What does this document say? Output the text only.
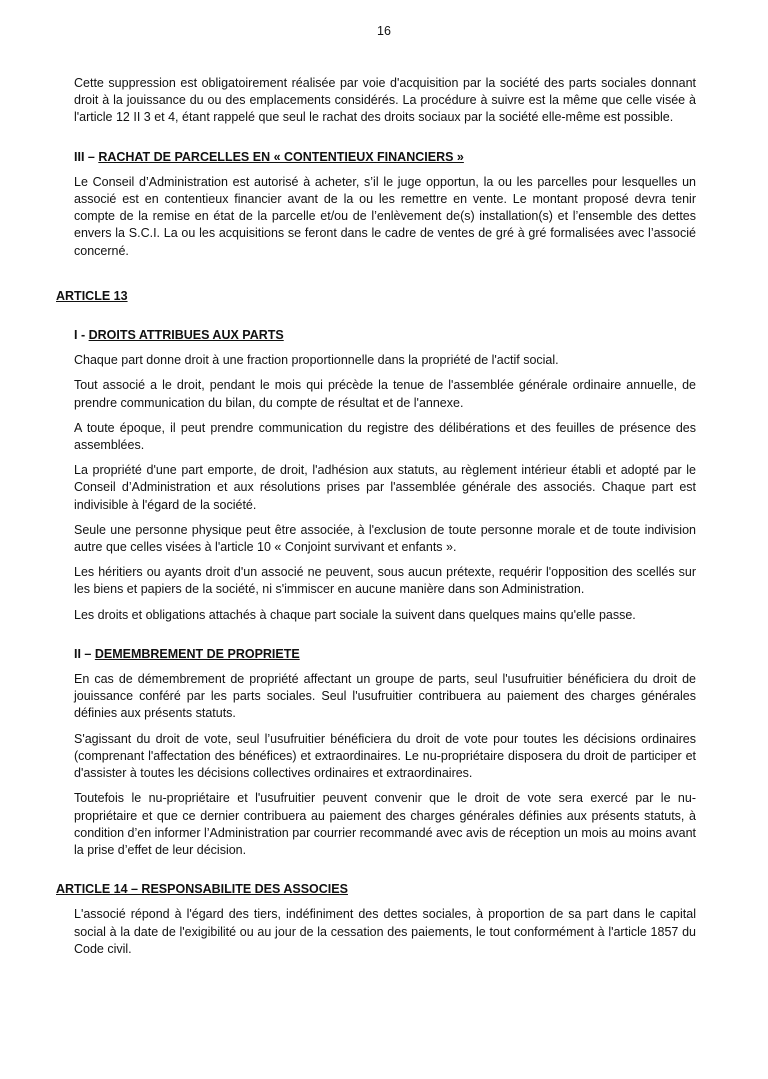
16

Cette suppression est obligatoirement réalisée par voie d'acquisition par la société des parts sociales donnant droit à la jouissance du ou des emplacements considérés. La procédure à suivre est la même que celle visée à l'article 12 II 3 et 4, étant rappelé que seul le rachat des droits sociaux par la société elle-même est possible.

III – RACHAT DE PARCELLES EN « CONTENTIEUX FINANCIERS »

Le Conseil d’Administration est autorisé à acheter, s’il le juge opportun, la ou les parcelles pour lesquelles un associé est en contentieux financier avant de la ou les remettre en vente. Le montant proposé devra tenir compte de la remise en état de la parcelle et/ou de l’enlèvement de(s) installation(s) et l’ensemble des dettes envers la S.C.I. La ou les acquisitions se feront dans le cadre de ventes de gré à gré formalisées avec l’associé concerné.

ARTICLE 13
I - DROITS ATTRIBUES AUX PARTS

Chaque part donne droit à une fraction proportionnelle dans la propriété de l'actif social.

Tout associé a le droit, pendant le mois qui précède la tenue de l'assemblée générale ordinaire annuelle, de prendre communication du bilan, du compte de résultat et de l'annexe.

A toute époque, il peut prendre communication du registre des délibérations et des feuilles de présence des assemblées.

La propriété d'une part emporte, de droit, l'adhésion aux statuts, au règlement intérieur établi et adopté par le Conseil d’Administration et aux résolutions prises par l'assemblée générale des associés. Chaque part est indivisible à l'égard de la société.

Seule une personne physique peut être associée, à l'exclusion de toute personne morale et de toute indivision autre que celles visées à l'article 10 « Conjoint survivant et enfants ».

Les héritiers ou ayants droit d'un associé ne peuvent, sous aucun prétexte, requérir l'opposition des scellés sur les biens et papiers de la société, ni s'immiscer en aucune manière dans son Administration.

Les droits et obligations attachés à chaque part sociale la suivent dans quelques mains qu'elle passe.

II – DEMEMBREMENT DE PROPRIETE

En cas de démembrement de propriété affectant un groupe de parts, seul l'usufruitier bénéficiera du droit de jouissance conféré par les parts sociales. Seul l'usufruitier contribuera au paiement des charges générales définies aux présents statuts.

S'agissant du droit de vote, seul l’usufruitier bénéficiera du droit de vote pour toutes les décisions ordinaires (comprenant l'affectation des bénéfices) et extraordinaires. Le nu-propriétaire disposera du droit de participer et d'assister à toutes les décisions collectives ordinaires et extraordinaires.

Toutefois le nu-propriétaire et l'usufruitier peuvent convenir que le droit de vote sera exercé par le nu-propriétaire et que ce dernier contribuera au paiement des charges générales définies aux présents statuts, à condition d’en informer l’Administration par courrier recommandé avec avis de réception un mois au moins avant la prise d’effet de leur décision.

ARTICLE 14 – RESPONSABILITE DES ASSOCIES

L'associé répond à l'égard des tiers, indéfiniment des dettes sociales, à proportion de sa part dans le capital social à la date de l'exigibilité ou au jour de la cessation des paiements, le tout conformément à l'article 1857 du Code civil.
